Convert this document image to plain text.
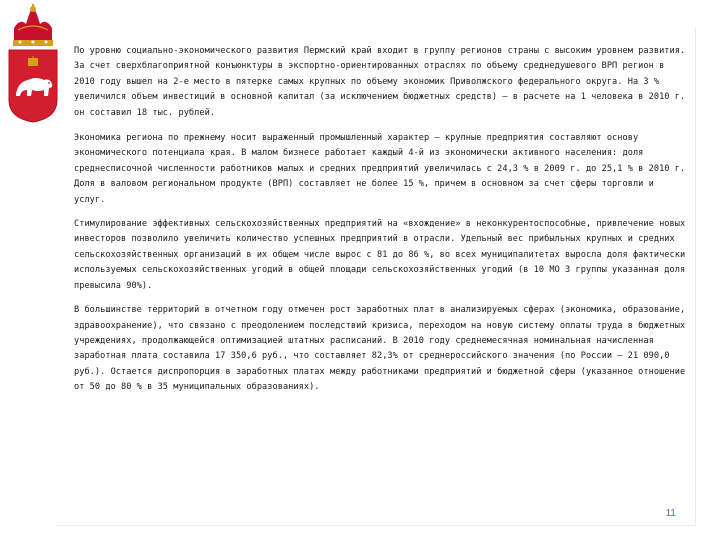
По уровню социально-экономического развития Пермский край входит в группу регионов страны с высоким уровнем развития. За счет сверхблагоприятной конъюнктуры в экспортно-ориентированных отраслях по объему среднедушевого ВРП регион в 2010 году вышел на 2-е место в пятерке самых крупных по объему экономик Приволжского федерального округа. На 3 % увеличился объем инвестиций в основной капитал (за исключением бюджетных средств) – в расчете на 1 человека в 2010 г. он составил 18 тыс. рублей.

Экономика региона по прежнему носит выраженный промышленный характер – крупные предприятия составляют основу экономического потенциала края. В малом бизнесе работает каждый 4-й из экономически активного населения: доля среднесписочной численности работников малых и средних предприятий увеличилась с 24,3 % в 2009 г. до 25,1 % в 2010 г. Доля в валовом региональном продукте (ВРП) составляет не более 15 %, причем в основном за счет сферы торговли и услуг.

Стимулирование эффективных сельскохозяйственных предприятий на «вхождение» в неконкурентоспособные, привлечение новых инвесторов позволило увеличить количество успешных предприятий в отрасли. Удельный вес прибыльных крупных и средних сельскохозяйственных организаций в их общем числе вырос с 81 до 86 %, во всех муниципалитетах выросла доля фактически используемых сельскохозяйственных угодий в общей площади сельскохозяйственных угодий (в 10 МО 3 группы указанная доля превысила 90%).

В большинстве территорий в отчетном году отмечен рост заработных плат в анализируемых сферах (экономика, образование, здравоохранение), что связано с преодолением последствий кризиса, переходом на новую систему оплаты труда в бюджетных учреждениях, продолжающейся оптимизацией штатных расписаний. В 2010 году среднемесячная номинальная начисленная заработная плата составила 17 350,6 руб., что составляет 82,3% от среднероссийского значения (по России – 21 090,0 руб.). Остается диспропорция в заработных платах между работниками предприятий и бюджетной сферы (указанное отношение от 50 до 80 % в 35 муниципальных образованиях).

11
